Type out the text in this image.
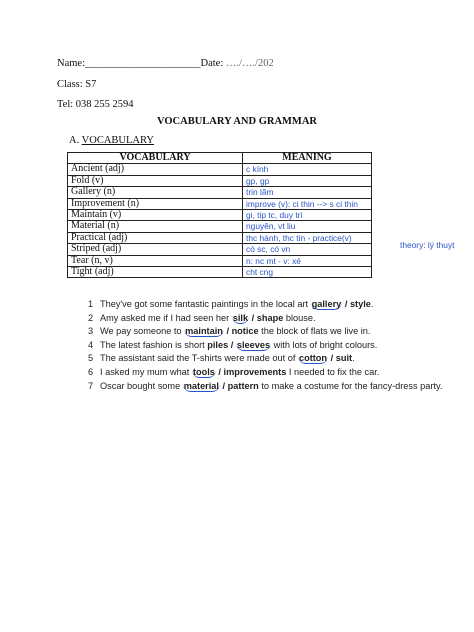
Name:______________________Date: …./…./202
Class: S7
Tel: 038 255 2594
VOCABULARY AND GRAMMAR
A. VOCABULARY
VOCABULARY	MEANING
Ancient (adj)	c kính
Fold (v)	gp, gp
Gallery (n)	trin lãm
Improvement (n)	improve (v): ci thin --> s ci thin
Maintain (v)	gi, tip tc, duy trì
Material (n)	nguyên, vt liu
Practical (adj)	thc hành, thc tin - practice(v)
Striped (adj)	có sc, có vn
Tear (n, v)	n: nc mt - v: xé
Tight (adj)	cht cng
theory: lý thuyt
1 They've got some fantastic paintings in the local art gallery / style.
2 Amy asked me if I had seen her silk / shape blouse.
3 We pay someone to maintain / notice the block of flats we live in.
4 The latest fashion is short piles / sleeves with lots of bright colours.
5 The assistant said the T-shirts were made out of cotton / suit.
6 I asked my mum what tools / improvements I needed to fix the car.
7 Oscar bought some material / pattern to make a costume for the fancy-dress party.
